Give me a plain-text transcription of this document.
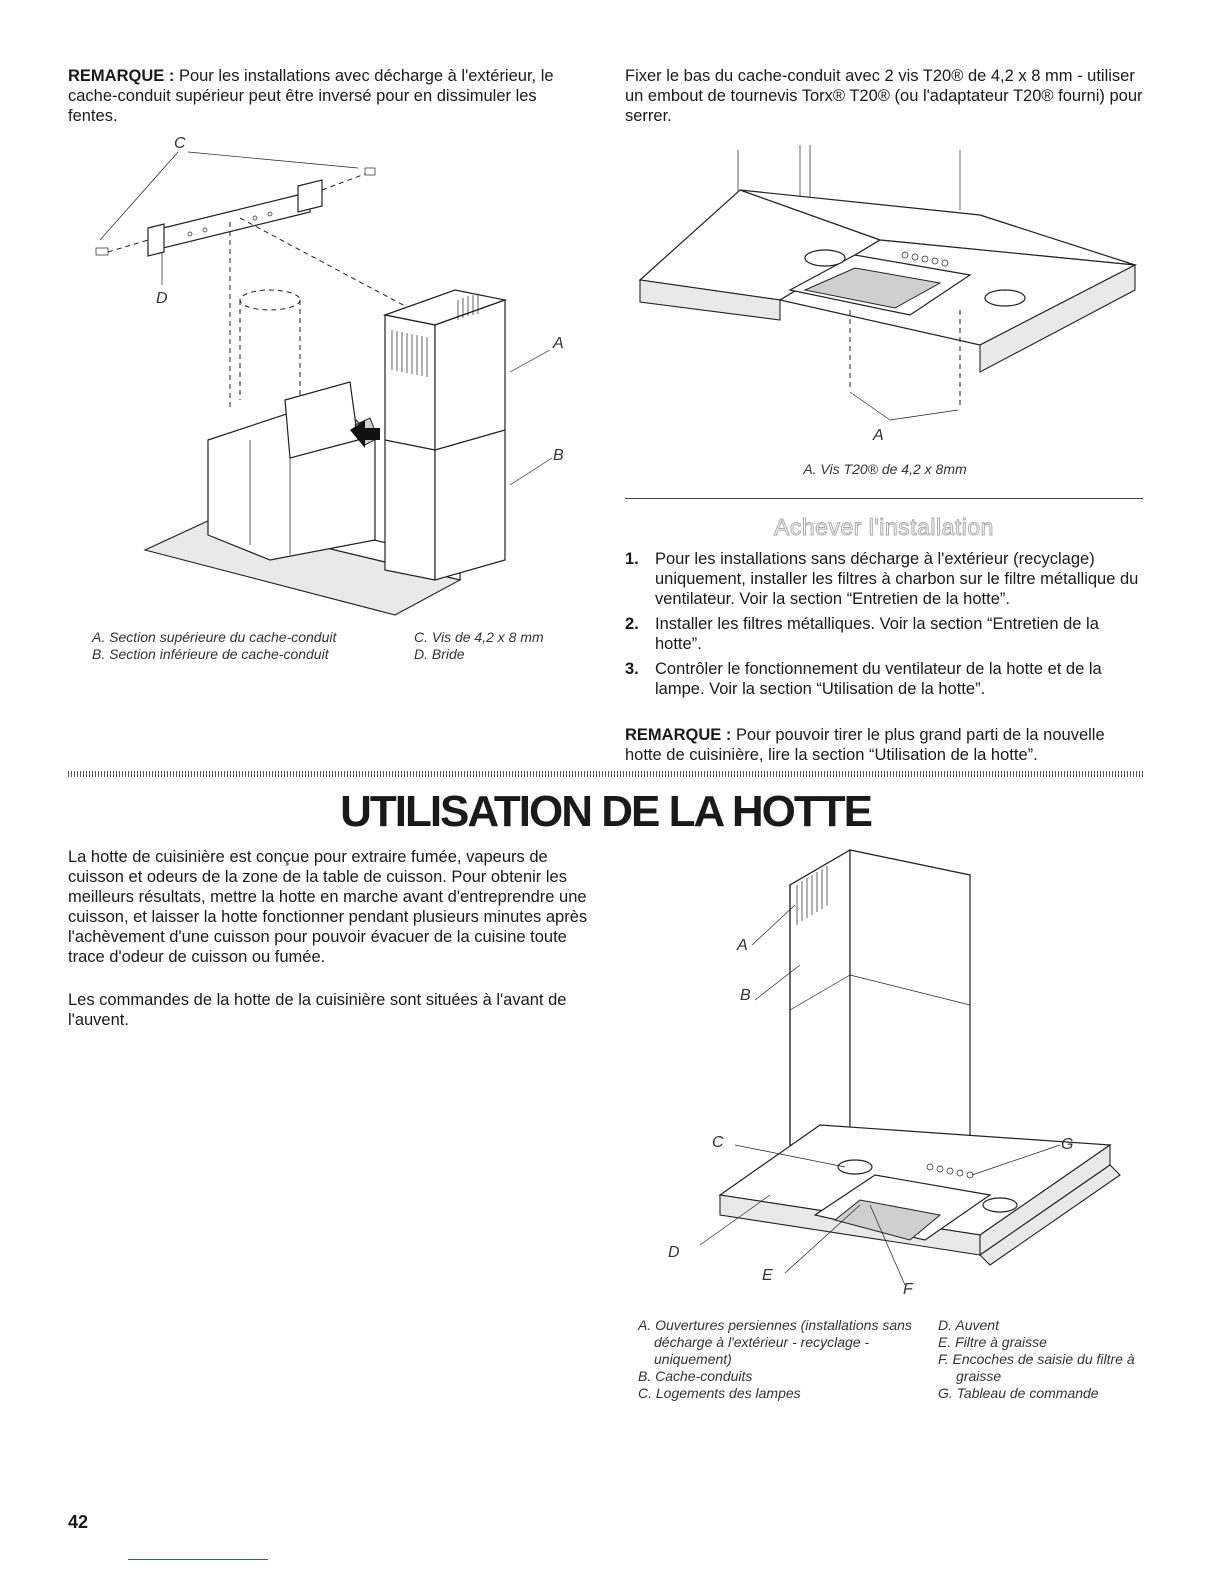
REMARQUE : Pour les installations avec décharge à l'extérieur, le cache-conduit supérieur peut être inversé pour en dissimuler les fentes.

C
D
A
B
A. Section supérieure du cache-conduit
B. Section inférieure de cache-conduit
C. Vis de 4,2 x 8 mm
D. Bride

Fixer le bas du cache-conduit avec 2 vis T20® de 4,2 x 8 mm - utiliser un embout de tournevis Torx® T20® (ou l'adaptateur T20® fourni) pour serrer.

A
A. Vis T20® de 4,2 x 8mm
Achever l'installation
1. Pour les installations sans décharge à l'extérieur (recyclage) uniquement, installer les filtres à charbon sur le filtre métallique du ventilateur. Voir la section “Entretien de la hotte”.
2. Installer les filtres métalliques. Voir la section “Entretien de la hotte”.
3. Contrôler le fonctionnement du ventilateur de la hotte et de la lampe. Voir la section “Utilisation de la hotte”.

REMARQUE : Pour pouvoir tirer le plus grand parti de la nouvelle hotte de cuisinière, lire la section “Utilisation de la hotte”.

UTILISATION DE LA HOTTE

La hotte de cuisinière est conçue pour extraire fumée, vapeurs de cuisson et odeurs de la zone de la table de cuisson. Pour obtenir les meilleurs résultats, mettre la hotte en marche avant d'entreprendre une cuisson, et laisser la hotte fonctionner pendant plusieurs minutes après l'achèvement d'une cuisson pour pouvoir évacuer de la cuisine toute trace d'odeur de cuisson ou fumée.

Les commandes de la hotte de la cuisinière sont situées à l'avant de l'auvent.

A
B
C	G
D
E
F
A. Ouvertures persiennes (installations sans décharge à l'extérieur - recyclage - uniquement)
B. Cache-conduits
C. Logements des lampes
D. Auvent
E. Filtre à graisse
F. Encoches de saisie du filtre à graisse
G. Tableau de commande
42
